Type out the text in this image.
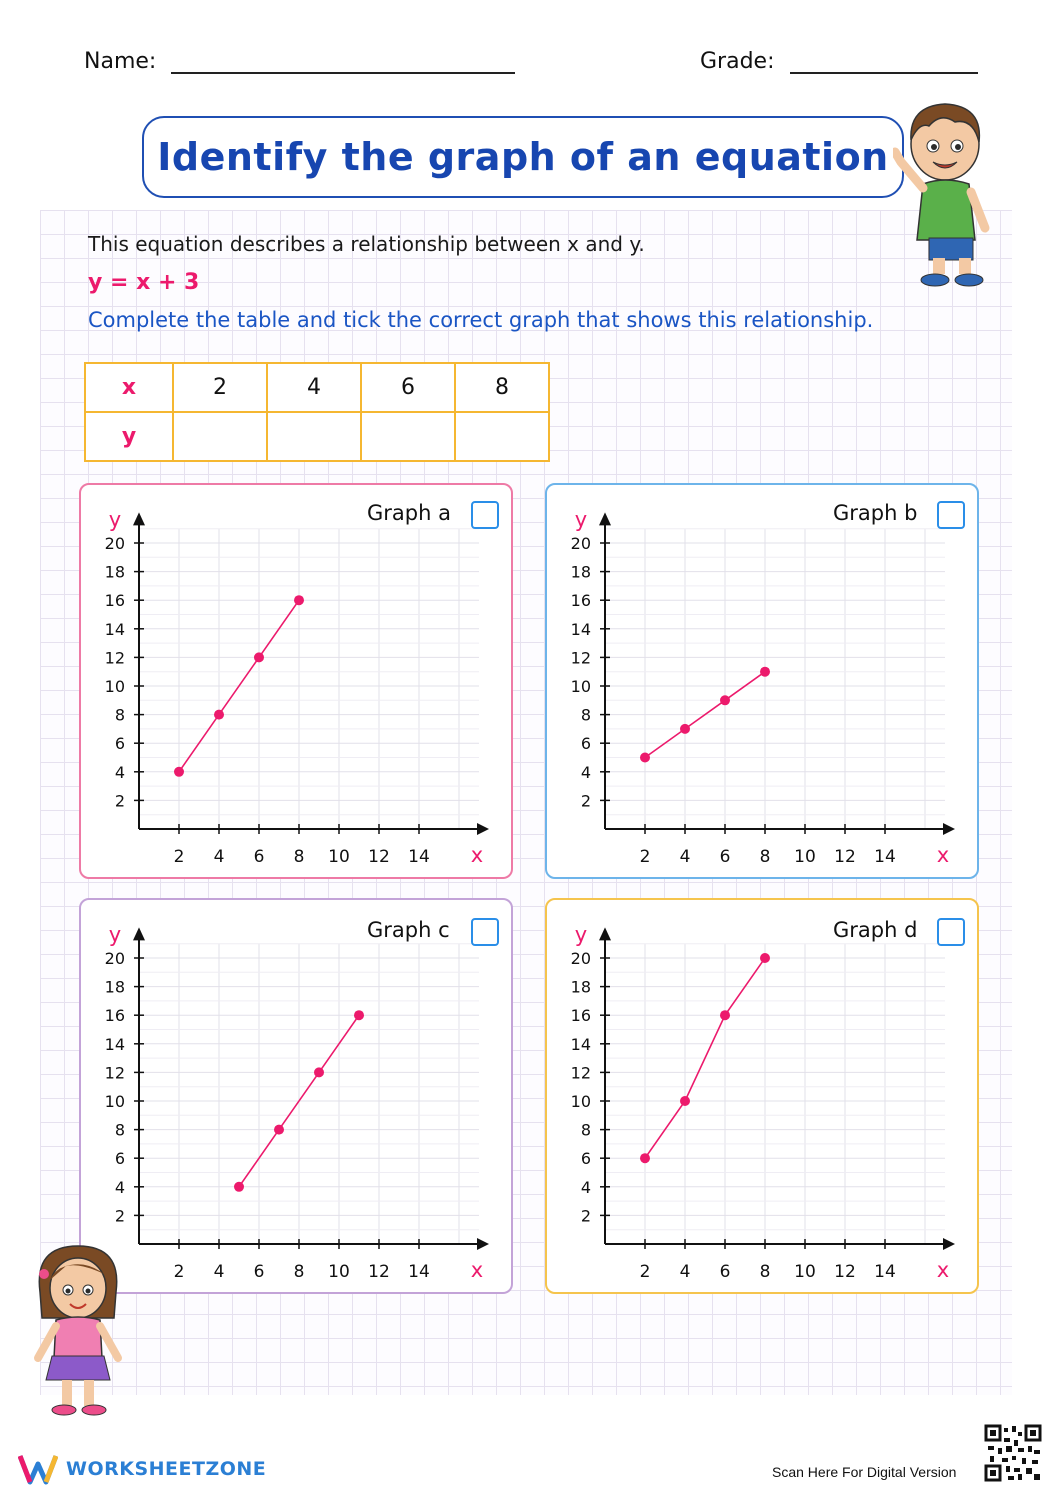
Name:	Grade:
Identify the graph of an equation
This equation describes a relationship between x and y.
y = x + 3
Complete the table and tick the correct graph that shows this relationship.
x	2	4	6	8
y				
2 4 6 8 10 12 14
2
4
6
8
10
12
14
16
18
20
x
y	Graph a
2 4 6 8 10 12 14
2
4
6
8
10
12
14
16
18
20
x
y	Graph b
2 4 6 8 10 12 14
2
4
6
8
10
12
14
16
18
20
x
y	Graph c
2 4 6 8 10 12 14
2
4
6
8
10
12
14
16
18
20
x
y	Graph d
WORKSHEETZONE	Scan Here For Digital Version
